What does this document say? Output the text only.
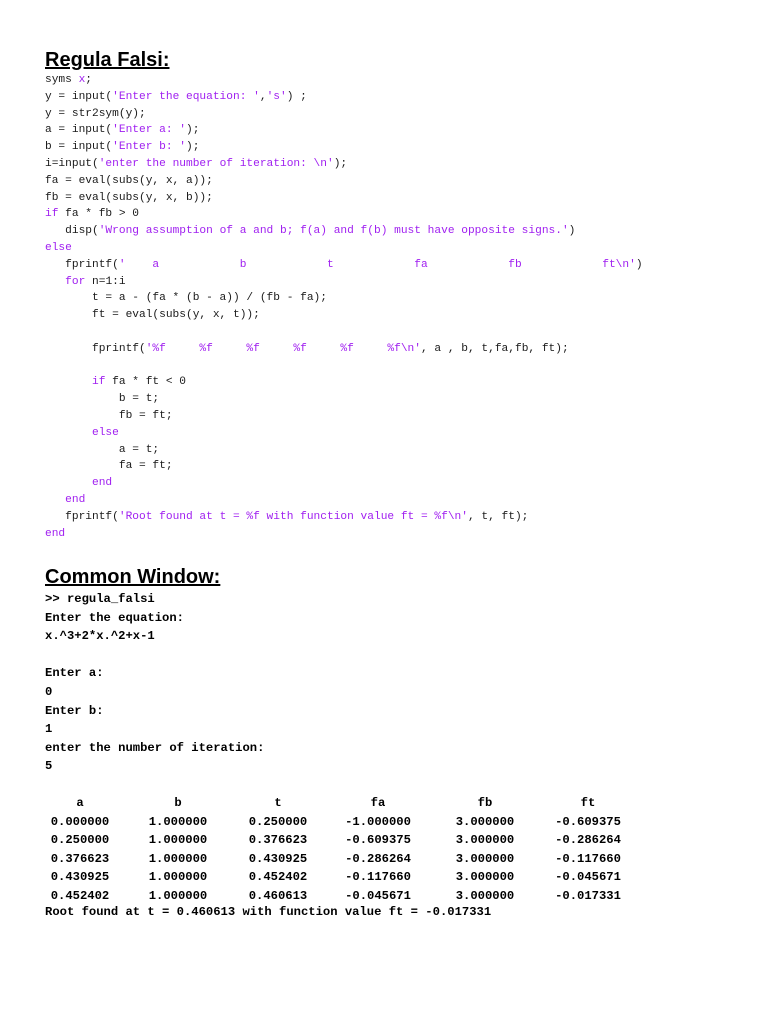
Regula Falsi:
syms x;
y = input('Enter the equation: ','s') ;
y = str2sym(y);
a = input('Enter a: ');
b = input('Enter b: ');
i=input('enter the number of iteration: \n');
fa = eval(subs(y, x, a));
fb = eval(subs(y, x, b));
if fa * fb > 0
disp('Wrong assumption of a and b; f(a) and f(b) must have opposite signs.')
else
fprintf('    a            b            t            fa            fb            ft\n')
for n=1:i
t = a - (fa * (b - a)) / (fb - fa);
ft = eval(subs(y, x, t));
fprintf('%f     %f     %f     %f     %f     %f\n', a , b, t,fa,fb, ft);
if fa * ft < 0
b = t;
fb = ft;
else
a = t;
fa = ft;
end
end
fprintf('Root found at t = %f with function value ft = %f\n', t, ft);
end
Common Window:
>> regula_falsi
Enter the equation:
x.^3+2*x.^2+x-1
Enter a:
0
Enter b:
1
enter the number of iteration:
5
a	b	t	fa	fb	ft
0.000000	1.000000	0.250000	-1.000000	3.000000	-0.609375
0.250000	1.000000	0.376623	-0.609375	3.000000	-0.286264
0.376623	1.000000	0.430925	-0.286264	3.000000	-0.117660
0.430925	1.000000	0.452402	-0.117660	3.000000	-0.045671
0.452402	1.000000	0.460613	-0.045671	3.000000	-0.017331
Root found at t = 0.460613 with function value ft = -0.017331
